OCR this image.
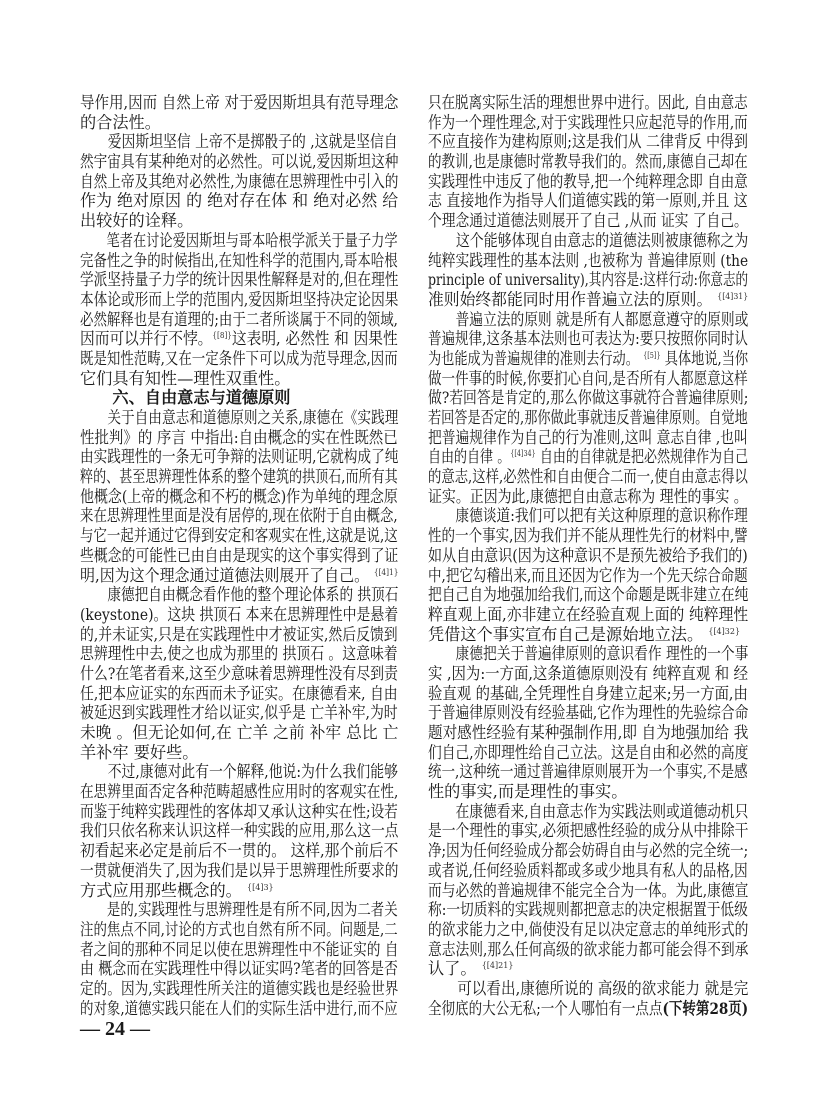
导作用,因而 自然上帝 对于爱因斯坦具有范导理念
的合法性。
爱因斯坦坚信 上帝不是掷骰子的 ,这就是坚信自
然宇宙具有某种绝对的必然性。可以说,爱因斯坦这种
自然上帝及其绝对必然性,为康德在思辨理性中引入的
作为 绝对原因 的 绝对存在体 和 绝对必然 给
出较好的诠释。
笔者在讨论爱因斯坦与哥本哈根学派关于量子力学
完备性之争的时候指出,在知性科学的范围内,哥本哈根
学派坚持量子力学的统计因果性解释是对的,但在理性
本体论或形而上学的范围内,爱因斯坦坚持决定论因果
必然解释也是有道理的;由于二者所谈属于不同的领域,
因而可以并行不悖。$^{\{[8]\}}$这表明, 必然性 和 因果性
既是知性范畴,又在一定条件下可以成为范导理念,因而
它们具有知性—理性双重性。
六、自由意志与道德原则
关于自由意志和道德原则之关系,康德在《实践理
性批判》的 序言 中指出:自由概念的实在性既然已
由实践理性的一条无可争辩的法则证明,它就构成了纯
粹的、甚至思辨理性体系的整个建筑的拱顶石,而所有其
他概念(上帝的概念和不朽的概念)作为单纯的理念原
来在思辨理性里面是没有居停的,现在依附于自由概念,
与它一起并通过它得到安定和客观实在性,这就是说,这
些概念的可能性已由自由是现实的这个事实得到了证
明,因为这个理念通过道德法则展开了自己。 $^{\{[4]1\}}$
康德把自由概念看作他的整个理论体系的 拱顶石
(keystone)。这块 拱顶石 本来在思辨理性中是悬着
的,并未证实,只是在实践理性中才被证实,然后反馈到
思辨理性中去,使之也成为那里的 拱顶石 。这意味着
什么?在笔者看来,这至少意味着思辨理性没有尽到责
任,把本应证实的东西而未予证实。在康德看来, 自由
被延迟到实践理性才给以证实,似乎是 亡羊补牢,为时
未晚 。但无论如何,在 亡羊 之前 补牢 总比 亡
羊补牢 要好些。
不过,康德对此有一个解释,他说:为什么我们能够
在思辨里面否定各种范畴超感性应用时的客观实在性,
而鉴于纯粹实践理性的客体却又承认这种实在性;设若
我们只依名称来认识这样一种实践的应用,那么这一点
初看起来必定是前后不一贯的。 这样,那个前后不
一贯就便消失了,因为我们是以异于思辨理性所要求的
方式应用那些概念的。 $^{\{[4]3\}}$
是的,实践理性与思辨理性是有所不同,因为二者关
注的焦点不同,讨论的方式也自然有所不同。问题是,二
者之间的那种不同足以使在思辨理性中不能证实的 自
由 概念而在实践理性中得以证实吗?笔者的回答是否
定的。因为,实践理性所关注的道德实践也是经验世界
的对象,道德实践只能在人们的实际生活中进行,而不应
只在脱离实际生活的理想世界中进行。因此, 自由意志
作为一个理性理念,对于实践理性只应起范导的作用,而
不应直接作为建构原则;这是我们从 二律背反 中得到
的教训,也是康德时常教导我们的。然而,康德自己却在
实践理性中违反了他的教导,把一个纯粹理念即 自由意
志 直接地作为指导人们道德实践的第一原则,并且 这
个理念通过道德法则展开了自己 ,从而 证实 了自己。
这个能够体现自由意志的道德法则被康德称之为
纯粹实践理性的基本法则 ,也被称为 普遍律原则 (the
principle of universality),其内容是:这样行动:你意志的
准则始终都能同时用作普遍立法的原则。 $^{\{[4]31\}}$
普遍立法的原则 就是所有人都愿意遵守的原则或
普遍规律,这条基本法则也可表达为:要只按照你同时认
为也能成为普遍规律的准则去行动。 $^{\{[5]\}}$ 具体地说,当你
做一件事的时候,你要扪心自问,是否所有人都愿意这样
做?若回答是肯定的,那么你做这事就符合普遍律原则;
若回答是否定的,那你做此事就违反普遍律原则。自觉地
把普遍规律作为自己的行为准则,这叫 意志自律 ,也叫
自由的自律 。$^{\{[4]34\}}$ 自由的自律就是把必然规律作为自己
的意志,这样,必然性和自由便合二而一,使自由意志得以
证实。正因为此,康德把自由意志称为 理性的事实 。
康德谈道:我们可以把有关这种原理的意识称作理
性的一个事实,因为我们并不能从理性先行的材料中,譬
如从自由意识(因为这种意识不是预先被给予我们的)
中,把它勾稽出来,而且还因为它作为一个先天综合命题
把自己自为地强加给我们,而这个命题是既非建立在纯
粹直观上面,亦非建立在经验直观上面的 纯粹理性
凭借这个事实宣布自己是源始地立法。 $^{\{[4]32\}}$
康德把关于普遍律原则的意识看作 理性的一个事
实 ,因为:一方面,这条道德原则没有 纯粹直观 和 经
验直观 的基础,全凭理性自身建立起来;另一方面,由
于普遍律原则没有经验基础,它作为理性的先验综合命
题对感性经验有某种强制作用,即 自为地强加给 我
们自己,亦即理性给自己立法。这是自由和必然的高度
统一,这种统一通过普遍律原则展开为一个事实,不是感
性的事实,而是理性的事实。
在康德看来,自由意志作为实践法则或道德动机只
是一个理性的事实,必须把感性经验的成分从中排除干
净;因为任何经验成分都会妨碍自由与必然的完全统一;
或者说,任何经验质料都或多或少地具有私人的品格,因
而与必然的普遍规律不能完全合为一体。为此,康德宣
称:一切质料的实践规则都把意志的决定根据置于低级
的欲求能力之中,倘使没有足以决定意志的单纯形式的
意志法则,那么任何高级的欲求能力都可能会得不到承
认了。 $^{\{[4]21\}}$
可以看出,康德所说的 高级的欲求能力 就是完
全彻底的大公无私;一个人哪怕有一点点(下转第28页)
— 24 —
